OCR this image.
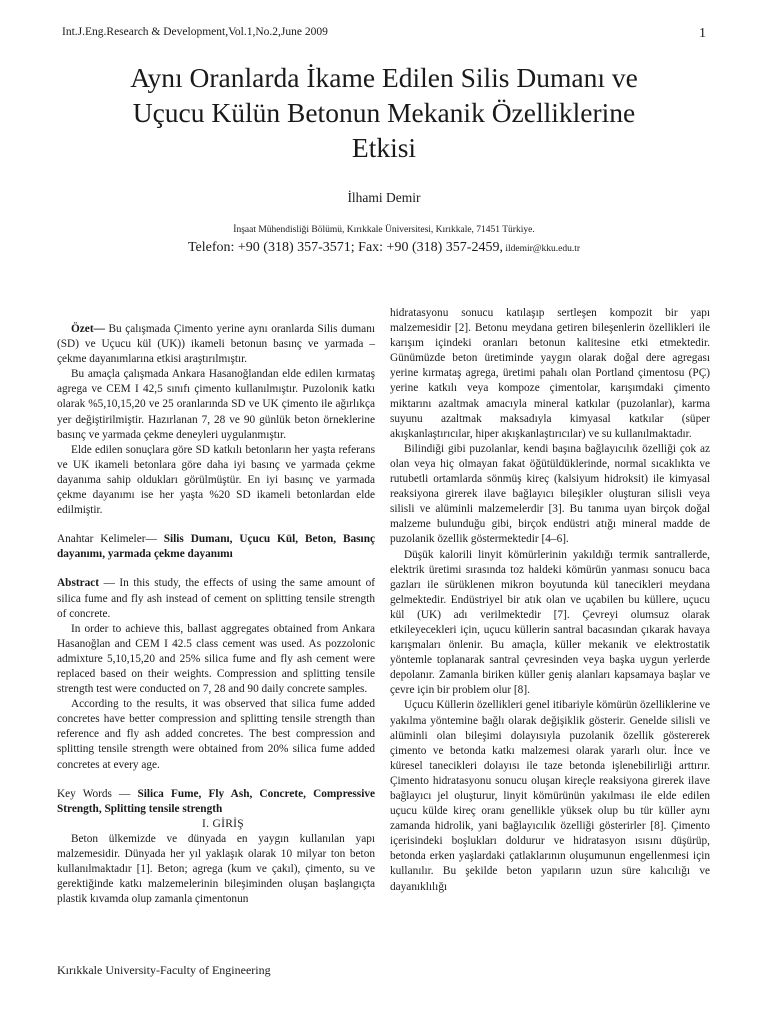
Int.J.Eng.Research & Development,Vol.1,No.2,June 2009	1
Aynı Oranlarda İkame Edilen Silis Dumanı ve
Uçucu Külün Betonun Mekanik Özelliklerine
Etkisi
İlhami Demir
İnşaat Mühendisliği Bölümü, Kırıkkale Üniversitesi, Kırıkkale, 71451 Türkiye.
Telefon: +90 (318) 357-3571; Fax: +90 (318) 357-2459, ildemir@kku.edu.tr

Özet— Bu çalışmada Çimento yerine aynı oranlarda Silis dumanı (SD) ve Uçucu kül (UK)) ikameli betonun basınç ve yarmada – çekme dayanımlarına etkisi araştırılmıştır.

Bu amaçla çalışmada Ankara Hasanoğlandan elde edilen kırmataş agrega ve CEM I 42,5 sınıfı çimento kullanılmıştır. Puzolonik katkı olarak %5,10,15,20 ve 25 oranlarında SD ve UK çimento ile ağırlıkça yer değiştirilmiştir. Hazırlanan 7, 28 ve 90 günlük beton örneklerine basınç ve yarmada çekme deneyleri uygulanmıştır.

Elde edilen sonuçlara göre SD katkılı betonların her yaşta referans ve UK ikameli betonlara göre daha iyi basınç ve yarmada çekme dayanıma sahip oldukları görülmüştür. En iyi basınç ve yarmada çekme dayanımı ise her yaşta %20 SD ikameli betonlardan elde edilmiştir.

Anahtar Kelimeler— Silis Dumanı, Uçucu Kül, Beton, Basınç dayanımı, yarmada çekme dayanımı

Abstract — In this study, the effects of using the same amount of silica fume and fly ash instead of cement on splitting tensile strength of concrete.

In order to achieve this, ballast aggregates obtained from Ankara Hasanoğlan and CEM I 42.5 class cement was used. As pozzolonic admixture 5,10,15,20 and 25% silica fume and fly ash cement were replaced based on their weights. Compression and splitting tensile strength test were conducted on 7, 28 and 90 daily concrete samples.

According to the results, it was observed that silica fume added concretes have better compression and splitting tensile strength than reference and fly ash added concretes. The best compression and splitting tensile strength were obtained from 20% silica fume added concretes at every age.

Key Words — Silica Fume, Fly Ash, Concrete, Compressive Strength, Splitting tensile strength

I. GİRİŞ

Beton ülkemizde ve dünyada en yaygın kullanılan yapı malzemesidir. Dünyada her yıl yaklaşık olarak 10 milyar ton beton kullanılmaktadır [1]. Beton; agrega (kum ve çakıl), çimento, su ve gerektiğinde katkı malzemelerinin bileşiminden oluşan başlangıçta plastik kıvamda olup zamanla çimentonun

hidratasyonu sonucu katılaşıp sertleşen kompozit bir yapı malzemesidir [2]. Betonu meydana getiren bileşenlerin özellikleri ile karışım içindeki oranları betonun kalitesine etki etmektedir. Günümüzde beton üretiminde yaygın olarak doğal dere agregası yerine kırmataş agrega, üretimi pahalı olan Portland çimentosu (PÇ) yerine katkılı veya kompoze çimentolar, karışımdaki çimento miktarını azaltmak amacıyla mineral katkılar (puzolanlar), karma suyunu azaltmak maksadıyla kimyasal katkılar (süper akışkanlaştırıcılar, hiper akışkanlaştırıcılar) ve su kullanılmaktadır.

Bilindiği gibi puzolanlar, kendi başına bağlayıcılık özelliği çok az olan veya hiç olmayan fakat öğütüldüklerinde, normal sıcaklıkta ve rutubetli ortamlarda sönmüş kireç (kalsiyum hidroksit) ile kimyasal reaksiyona girerek ilave bağlayıcı bileşikler oluşturan silisli veya silisli ve alüminli malzemelerdir [3]. Bu tanıma uyan birçok doğal malzeme bulunduğu gibi, birçok endüstri atığı mineral madde de puzolanik özellik göstermektedir [4–6].

Düşük kalorili linyit kömürlerinin yakıldığı termik santrallerde, elektrik üretimi sırasında toz haldeki kömürün yanması sonucu baca gazları ile sürüklenen mikron boyutunda kül tanecikleri meydana gelmektedir. Endüstriyel bir atık olan ve uçabilen bu küllere, uçucu kül (UK) adı verilmektedir [7]. Çevreyi olumsuz olarak etkileyecekleri için, uçucu küllerin santral bacasından çıkarak havaya karışmaları önlenir. Bu amaçla, küller mekanik ve elektrostatik yöntemle toplanarak santral çevresinden veya başka uygun yerlerde depolanır. Zamanla biriken küller geniş alanları kapsamaya başlar ve çevre için bir problem olur [8].

Uçucu Küllerin özellikleri genel itibariyle kömürün özelliklerine ve yakılma yöntemine bağlı olarak değişiklik gösterir. Genelde silisli ve alüminli olan bileşimi dolayısıyla puzolanik özellik göstererek çimento ve betonda katkı malzemesi olarak yararlı olur. İnce ve küresel tanecikleri dolayısı ile taze betonda işlenebilirliği arttırır. Çimento hidratasyonu sonucu oluşan kireçle reaksiyona girerek ilave bağlayıcı jel oluşturur, linyit kömürünün yakılması ile elde edilen uçucu külde kireç oranı genellikle yüksek olup bu tür küller aynı zamanda hidrolik, yani bağlayıcılık özelliği gösterirler [8]. Çimento içerisindeki boşlukları doldurur ve hidratasyon ısısını düşürüp, betonda erken yaşlardaki çatlaklarının oluşumunun engellenmesi için kullanılır. Bu şekilde beton yapıların uzun süre kalıcılığı ve dayanıklılığı

Kırıkkale University-Faculty of Engineering
